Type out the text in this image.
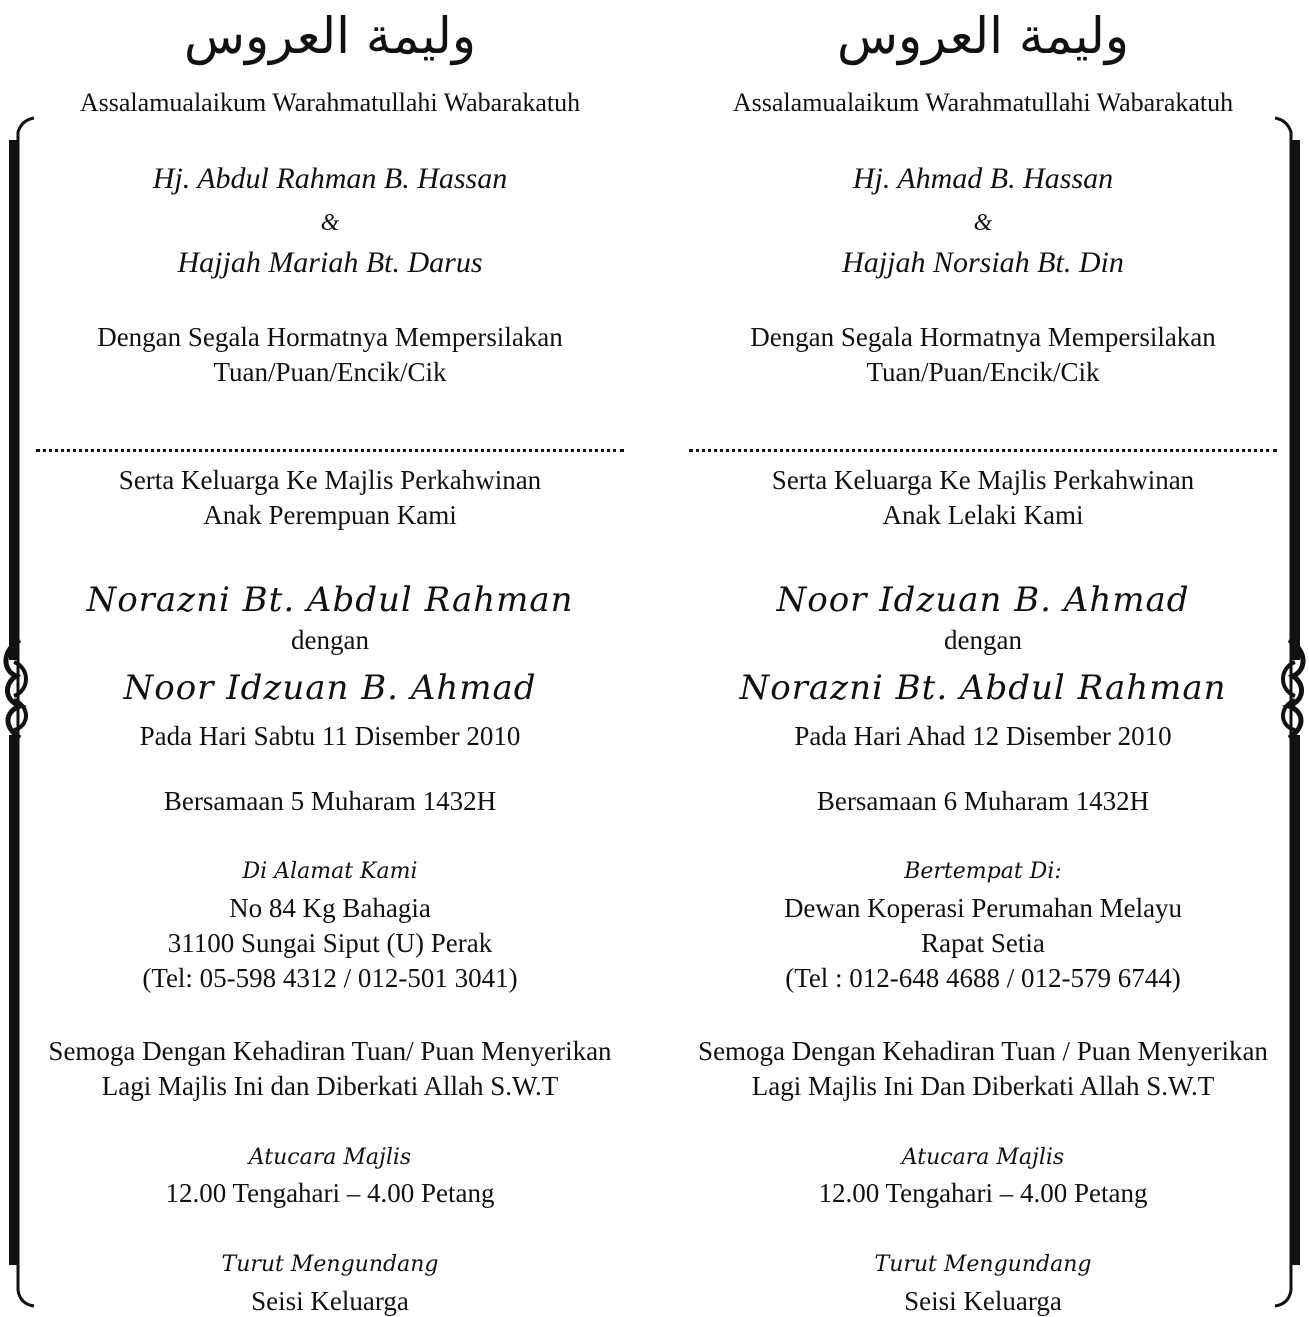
وليمة العروس
Assalamualaikum Warahmatullahi Wabarakatuh
Hj. Abdul Rahman B. Hassan
&
Hajjah Mariah Bt. Darus
Dengan Segala Hormatnya Mempersilakan
Tuan/Puan/Encik/Cik
Serta Keluarga Ke Majlis Perkahwinan
Anak Perempuan Kami
Norazni Bt. Abdul Rahman
dengan
Noor Idzuan B. Ahmad
Pada Hari Sabtu 11 Disember 2010
Bersamaan 5 Muharam 1432H
Di Alamat Kami
No 84 Kg Bahagia
31100 Sungai Siput (U) Perak
(Tel: 05-598 4312 / 012-501 3041)
Semoga Dengan Kehadiran Tuan/ Puan Menyerikan
Lagi Majlis Ini dan Diberkati Allah S.W.T
Atucara Majlis
12.00 Tengahari – 4.00 Petang
Turut Mengundang
Seisi Keluarga
وليمة العروس
Assalamualaikum Warahmatullahi Wabarakatuh
Hj. Ahmad B. Hassan
&
Hajjah Norsiah Bt. Din
Dengan Segala Hormatnya Mempersilakan
Tuan/Puan/Encik/Cik
Serta Keluarga Ke Majlis Perkahwinan
Anak Lelaki Kami
Noor Idzuan B. Ahmad
dengan
Norazni Bt. Abdul Rahman
Pada Hari Ahad 12 Disember 2010
Bersamaan 6 Muharam 1432H
Bertempat Di:
Dewan Koperasi Perumahan Melayu
Rapat Setia
(Tel : 012-648 4688 / 012-579 6744)
Semoga Dengan Kehadiran Tuan / Puan Menyerikan
Lagi Majlis Ini Dan Diberkati Allah S.W.T
Atucara Majlis
12.00 Tengahari – 4.00 Petang
Turut Mengundang
Seisi Keluarga
